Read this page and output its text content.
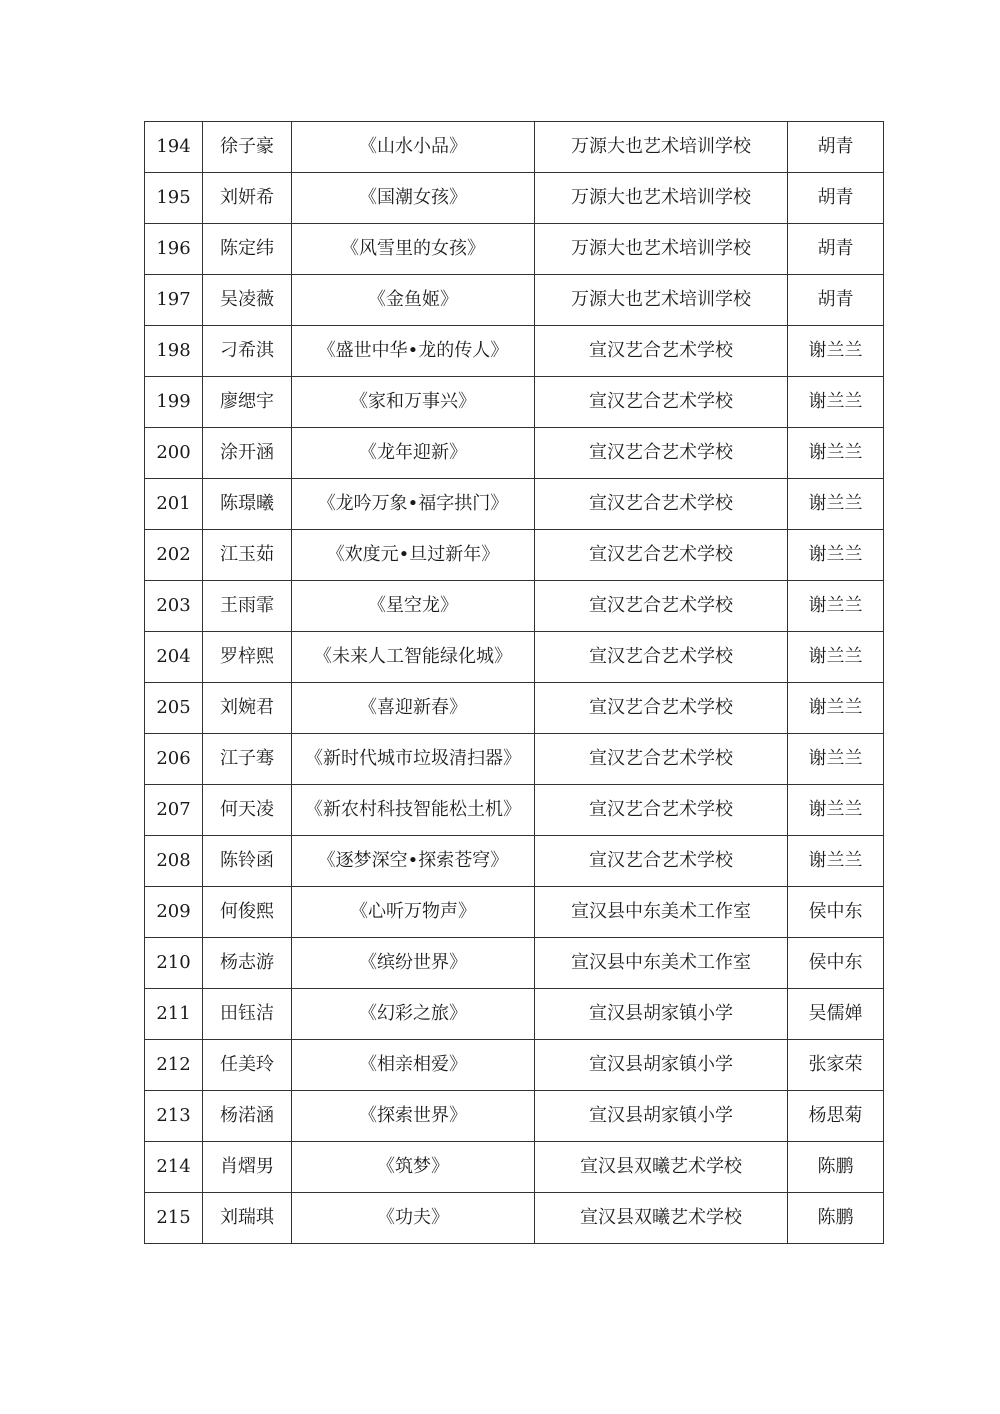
194	徐子豪	《山水小品》	万源大也艺术培训学校	胡青
195	刘妍希	《国潮女孩》	万源大也艺术培训学校	胡青
196	陈定纬	《风雪里的女孩》	万源大也艺术培训学校	胡青
197	吴凌薇	《金鱼姬》	万源大也艺术培训学校	胡青
198	刁希淇	《盛世中华•龙的传人》	宣汉艺合艺术学校	谢兰兰
199	廖缌宇	《家和万事兴》	宣汉艺合艺术学校	谢兰兰
200	涂开涵	《龙年迎新》	宣汉艺合艺术学校	谢兰兰
201	陈璟曦	《龙吟万象•福字拱门》	宣汉艺合艺术学校	谢兰兰
202	江玉茹	《欢度元•旦过新年》	宣汉艺合艺术学校	谢兰兰
203	王雨霏	《星空龙》	宣汉艺合艺术学校	谢兰兰
204	罗梓熙	《未来人工智能绿化城》	宣汉艺合艺术学校	谢兰兰
205	刘婉君	《喜迎新春》	宣汉艺合艺术学校	谢兰兰
206	江子骞	《新时代城市垃圾清扫器》	宣汉艺合艺术学校	谢兰兰
207	何天凌	《新农村科技智能松土机》	宣汉艺合艺术学校	谢兰兰
208	陈铃函	《逐梦深空•探索苍穹》	宣汉艺合艺术学校	谢兰兰
209	何俊熙	《心听万物声》	宣汉县中东美术工作室	侯中东
210	杨志游	《缤纷世界》	宣汉县中东美术工作室	侯中东
211	田钰洁	《幻彩之旅》	宣汉县胡家镇小学	吴儒婵
212	任美玲	《相亲相爱》	宣汉县胡家镇小学	张家荣
213	杨渃涵	《探索世界》	宣汉县胡家镇小学	杨思菊
214	肖熠男	《筑梦》	宣汉县双曦艺术学校	陈鹏
215	刘瑞琪	《功夫》	宣汉县双曦艺术学校	陈鹏
